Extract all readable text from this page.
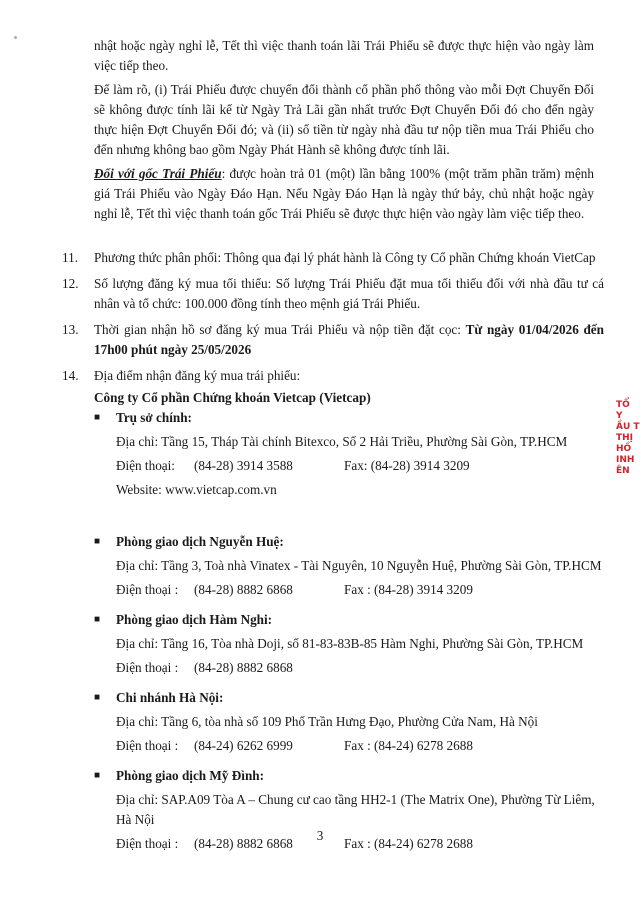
nhật hoặc ngày nghỉ lễ, Tết thì việc thanh toán lãi Trái Phiếu sẽ được thực hiện vào ngày làm việc tiếp theo.

Để làm rõ, (i) Trái Phiếu được chuyển đổi thành cổ phần phổ thông vào mỗi Đợt Chuyển Đổi sẽ không được tính lãi kể từ Ngày Trả Lãi gần nhất trước Đợt Chuyển Đổi đó cho đến ngày thực hiện Đợt Chuyển Đổi đó; và (ii) số tiền từ ngày nhà đầu tư nộp tiền mua Trái Phiếu cho đến nhưng không bao gồm Ngày Phát Hành sẽ không được tính lãi.

Đối với gốc Trái Phiếu: được hoàn trả 01 (một) lần bằng 100% (một trăm phần trăm) mệnh giá Trái Phiếu vào Ngày Đáo Hạn. Nếu Ngày Đáo Hạn là ngày thứ bảy, chủ nhật hoặc ngày nghỉ lễ, Tết thì việc thanh toán gốc Trái Phiếu sẽ được thực hiện vào ngày làm việc tiếp theo.

11.	Phương thức phân phối: Thông qua đại lý phát hành là Công ty Cổ phần Chứng khoán VietCap
12.	Số lượng đăng ký mua tối thiểu: Số lượng Trái Phiếu đặt mua tối thiểu đối với nhà đầu tư cá nhân và tổ chức: 100.000 đồng tính theo mệnh giá Trái Phiếu.
13.	Thời gian nhận hồ sơ đăng ký mua Trái Phiếu và nộp tiền đặt cọc: Từ ngày 01/04/2026 đến 17h00 phút ngày 25/05/2026
14.	Địa điểm nhận đăng ký mua trái phiếu:
Công ty Cổ phần Chứng khoán Vietcap (Vietcap)
■ Trụ sở chính:
Địa chỉ: Tầng 15, Tháp Tài chính Bitexco, Số 2 Hải Triều, Phường Sài Gòn, TP.HCM
Điện thoại:	(84-28) 3914 3588	Fax: (84-28) 3914 3209
Website: www.vietcap.com.vn
■ Phòng giao dịch Nguyễn Huệ:
Địa chỉ: Tầng 3, Toà nhà Vinatex - Tài Nguyên, 10 Nguyễn Huệ, Phường Sài Gòn, TP.HCM
Điện thoại :	(84-28) 8882 6868	Fax : (84-28) 3914 3209
■ Phòng giao dịch Hàm Nghi:
Địa chỉ: Tầng 16, Tòa nhà Doji, số 81-83-83B-85 Hàm Nghi, Phường Sài Gòn, TP.HCM
Điện thoại :	(84-28) 8882 6868
■ Chi nhánh Hà Nội:
Địa chỉ: Tầng 6, tòa nhà số 109 Phố Trần Hưng Đạo, Phường Cửa Nam, Hà Nội
Điện thoại :	(84-24) 6262 6999	Fax : (84-24) 6278 2688
■ Phòng giao dịch Mỹ Đình:
Địa chỉ: SAP.A09 Tòa A – Chung cư cao tầng HH2-1 (The Matrix One), Phường Từ Liêm, Hà Nội
Điện thoại :	(84-28) 8882 6868	Fax : (84-24) 6278 2688
3
TỔ
Y
ẦU T
THỊ
HỒ
INH
ÊN
